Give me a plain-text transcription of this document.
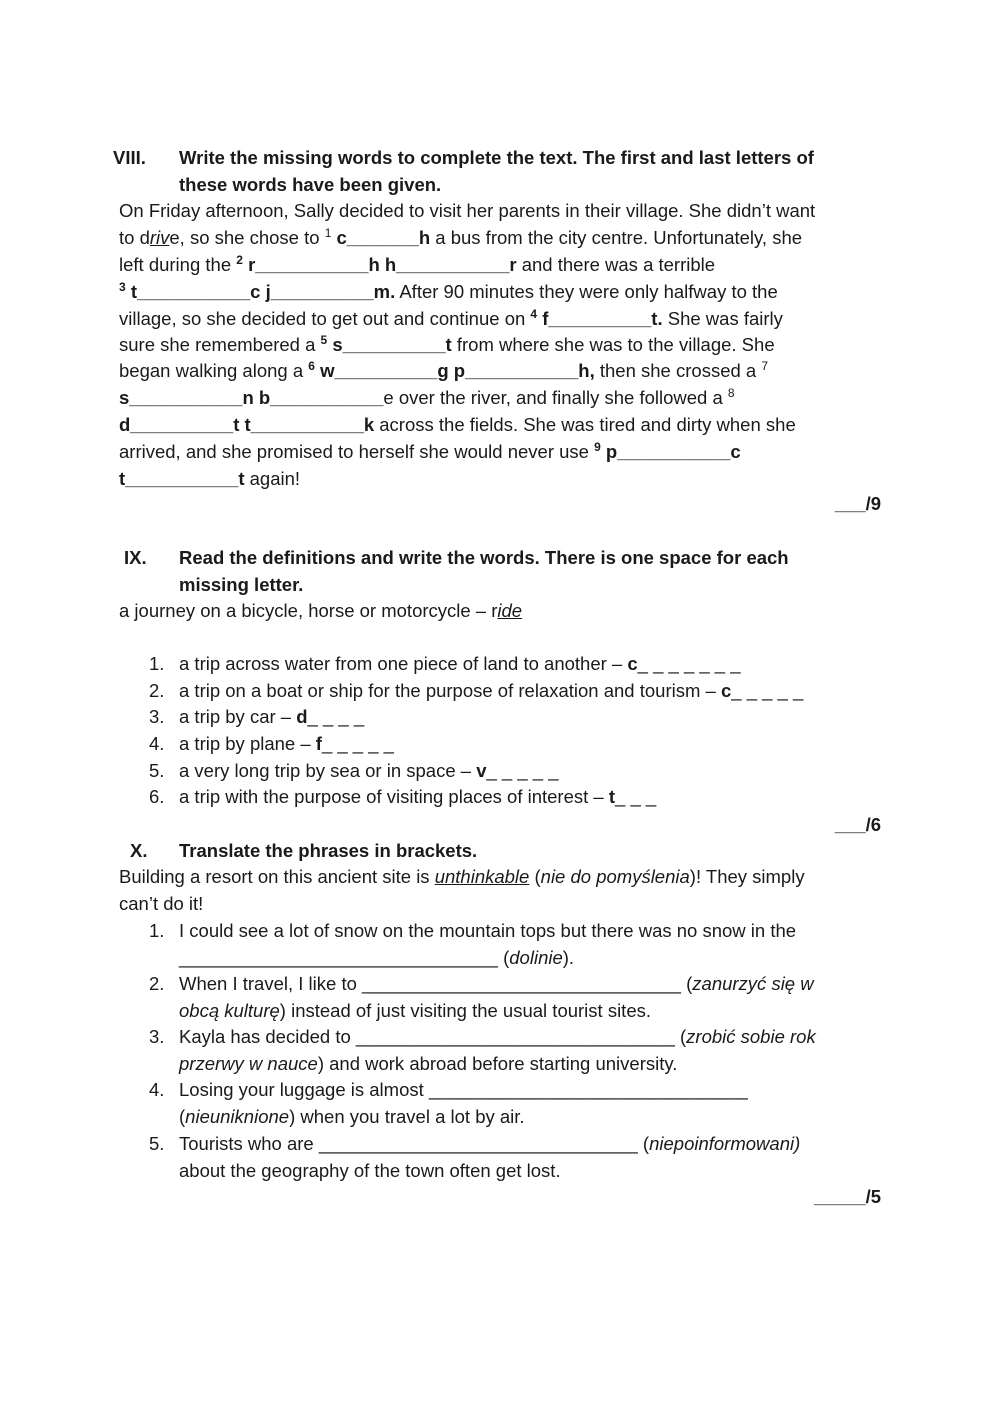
VIII. Write the missing words to complete the text. The first and last letters of
these words have been given.
On Friday afternoon, Sally decided to visit her parents in their village. She didn’t want
to drive, so she chose to $^1$ c_______h a bus from the city centre. Unfortunately, she
left during the $^2$ r___________h h___________r and there was a terrible
$^3$ t___________c j__________m. After 90 minutes they were only halfway to the
village, so she decided to get out and continue on $^4$ f__________t. She was fairly
sure she remembered a $^5$ s__________t from where she was to the village. She
began walking along a $^6$ w__________g p___________h, then she crossed a $^7$
s___________n b___________e over the river, and finally she followed a $^8$
d__________t t___________k across the fields. She was tired and dirty when she
arrived, and she promised to herself she would never use $^9$ p___________c
t___________t again!
___/9
IX. Read the definitions and write the words. There is one space for each
missing letter.
a journey on a bicycle, horse or motorcycle – ride
1. a trip across water from one piece of land to another – c_ _ _ _ _ _ _
2. a trip on a boat or ship for the purpose of relaxation and tourism – c_ _ _ _ _
3. a trip by car – d_ _ _ _
4. a trip by plane – f_ _ _ _ _
5. a very long trip by sea or in space – v_ _ _ _ _
6. a trip with the purpose of visiting places of interest – t_ _ _
___/6
X. Translate the phrases in brackets.
Building a resort on this ancient site is unthinkable (nie do pomyślenia)! They simply
can’t do it!
1. I could see a lot of snow on the mountain tops but there was no snow in the
_______________________________ (dolinie).
2. When I travel, I like to _______________________________ (zanurzyć się w
obcą kulturę) instead of just visiting the usual tourist sites.
3. Kayla has decided to _______________________________ (zrobić sobie rok
przerwy w nauce) and work abroad before starting university.
4. Losing your luggage is almost _______________________________
(nieuniknione) when you travel a lot by air.
5. Tourists who are _______________________________ (niepoinformowani)
about the geography of the town often get lost.
_____/5
